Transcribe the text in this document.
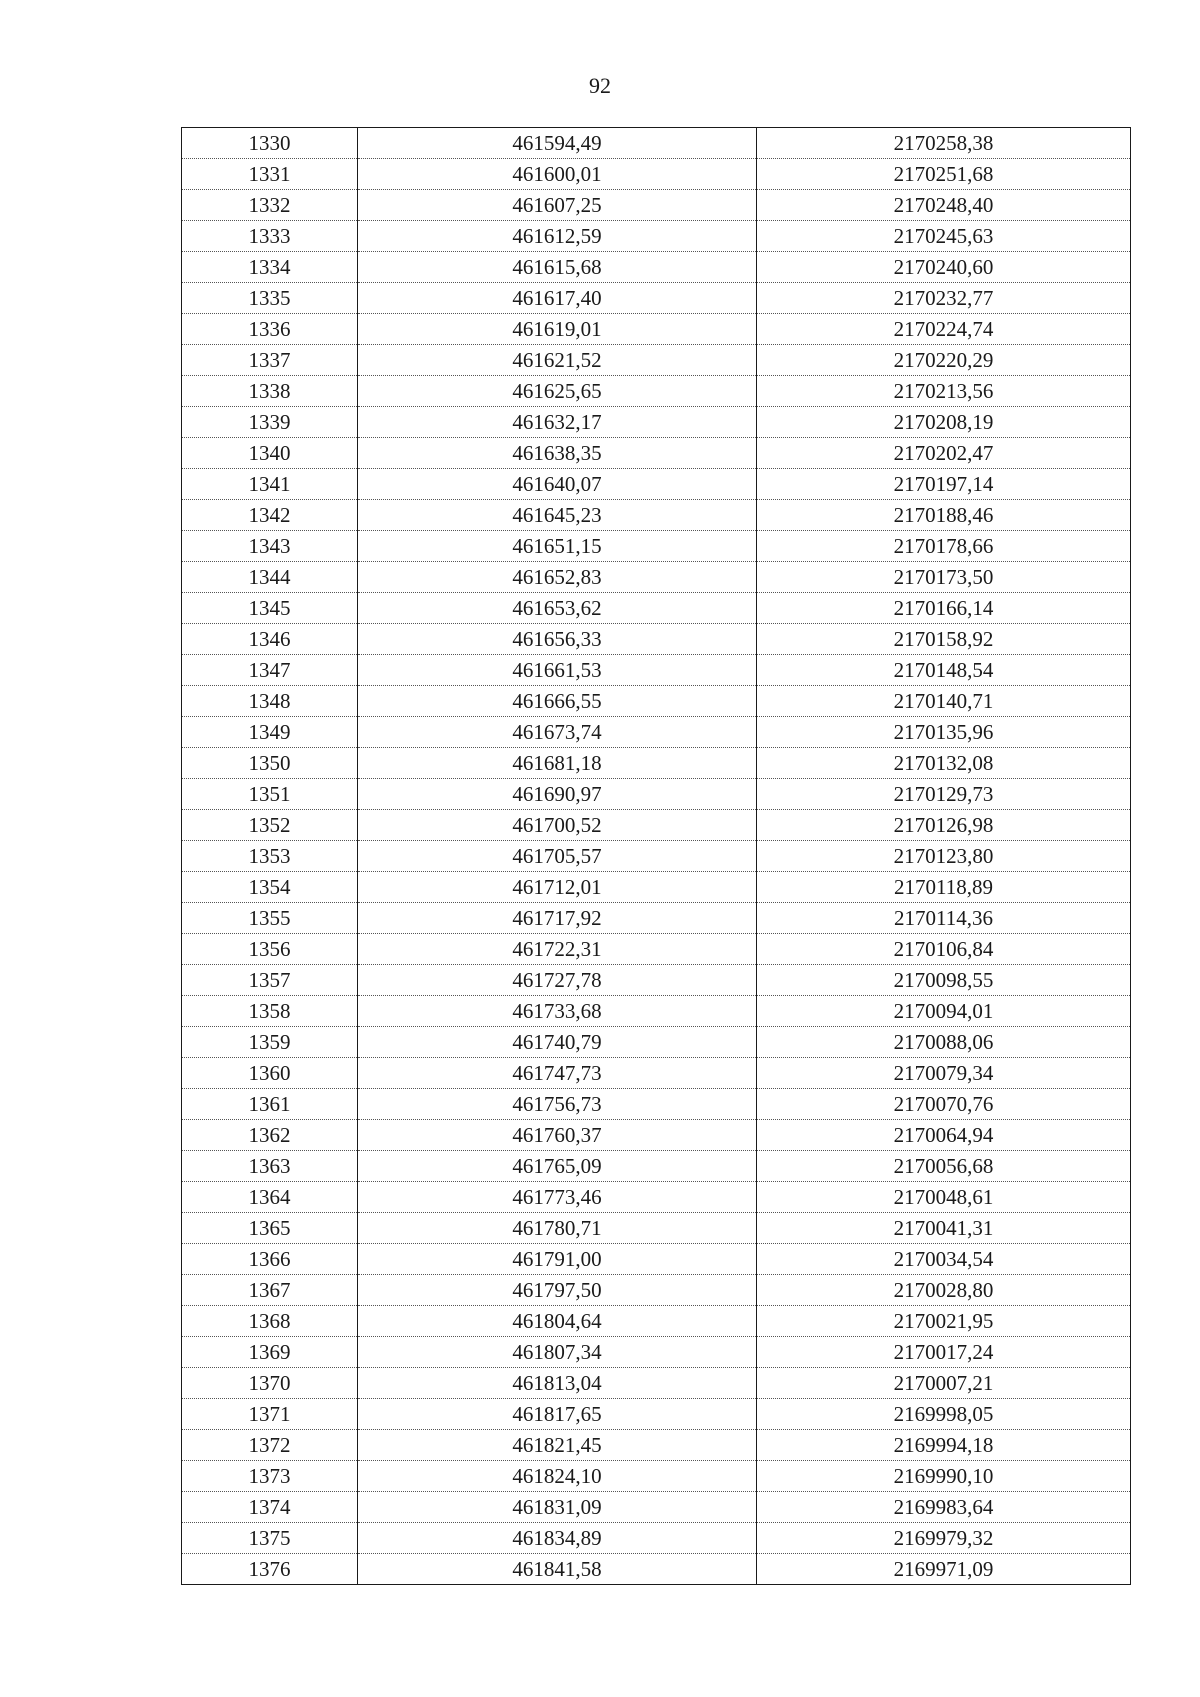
92
1330	461594,49	2170258,38
1331	461600,01	2170251,68
1332	461607,25	2170248,40
1333	461612,59	2170245,63
1334	461615,68	2170240,60
1335	461617,40	2170232,77
1336	461619,01	2170224,74
1337	461621,52	2170220,29
1338	461625,65	2170213,56
1339	461632,17	2170208,19
1340	461638,35	2170202,47
1341	461640,07	2170197,14
1342	461645,23	2170188,46
1343	461651,15	2170178,66
1344	461652,83	2170173,50
1345	461653,62	2170166,14
1346	461656,33	2170158,92
1347	461661,53	2170148,54
1348	461666,55	2170140,71
1349	461673,74	2170135,96
1350	461681,18	2170132,08
1351	461690,97	2170129,73
1352	461700,52	2170126,98
1353	461705,57	2170123,80
1354	461712,01	2170118,89
1355	461717,92	2170114,36
1356	461722,31	2170106,84
1357	461727,78	2170098,55
1358	461733,68	2170094,01
1359	461740,79	2170088,06
1360	461747,73	2170079,34
1361	461756,73	2170070,76
1362	461760,37	2170064,94
1363	461765,09	2170056,68
1364	461773,46	2170048,61
1365	461780,71	2170041,31
1366	461791,00	2170034,54
1367	461797,50	2170028,80
1368	461804,64	2170021,95
1369	461807,34	2170017,24
1370	461813,04	2170007,21
1371	461817,65	2169998,05
1372	461821,45	2169994,18
1373	461824,10	2169990,10
1374	461831,09	2169983,64
1375	461834,89	2169979,32
1376	461841,58	2169971,09
